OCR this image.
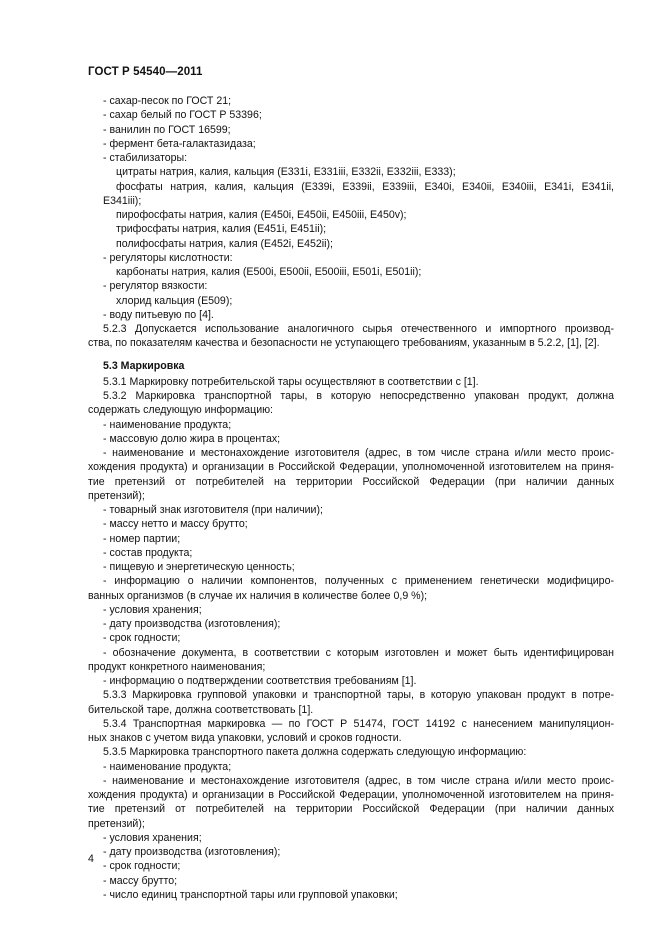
ГОСТ Р 54540—2011
- сахар-песок по ГОСТ 21;
- сахар белый по ГОСТ Р 53396;
- ванилин по ГОСТ 16599;
- фермент бета-галактазидаза;
- стабилизаторы:
цитраты натрия, калия, кальция (E331i, E331iii, E332ii, E332iii, E333);
фосфаты натрия, калия, кальция (E339i, E339ii, E339iii, E340i, E340ii, E340iii, E341i, E341ii,
E341iii);
пирофосфаты натрия, калия (E450i, E450ii, E450iii, E450v);
трифосфаты натрия, калия (E451i, E451ii);
полифосфаты натрия, калия (E452i, E452ii);
- регуляторы кислотности:
карбонаты натрия, калия (E500i, E500ii, E500iii, E501i, E501ii);
- регулятор вязкости:
хлорид кальция (E509);
- воду питьевую по [4].
5.2.3 Допускается использование аналогичного сырья отечественного и импортного производ-
ства, по показателям качества и безопасности не уступающего требованиям, указанным в 5.2.2, [1], [2].
5.3 Маркировка
5.3.1 Маркировку потребительской тары осуществляют в соответствии с [1].
5.3.2 Маркировка транспортной тары, в которую непосредственно упакован продукт, должна
содержать следующую информацию:
- наименование продукта;
- массовую долю жира в процентах;
- наименование и местонахождение изготовителя (адрес, в том числе страна и/или место проис-
хождения продукта) и организации в Российской Федерации, уполномоченной изготовителем на приня-
тие претензий от потребителей на территории Российской Федерации (при наличии данных
претензий);
- товарный знак изготовителя (при наличии);
- массу нетто и массу брутто;
- номер партии;
- состав продукта;
- пищевую и энергетическую ценность;
- информацию о наличии компонентов, полученных с применением генетически модифициро-
ванных организмов (в случае их наличия в количестве более 0,9 %);
- условия хранения;
- дату производства (изготовления);
- срок годности;
- обозначение документа, в соответствии с которым изготовлен и может быть идентифицирован
продукт конкретного наименования;
- информацию о подтверждении соответствия требованиям [1].
5.3.3 Маркировка групповой упаковки и транспортной тары, в которую упакован продукт в потре-
бительской таре, должна соответствовать [1].
5.3.4 Транспортная маркировка — по ГОСТ Р 51474, ГОСТ 14192 с нанесением манипуляцион-
ных знаков с учетом вида упаковки, условий и сроков годности.
5.3.5 Маркировка транспортного пакета должна содержать следующую информацию:
- наименование продукта;
- наименование и местонахождение изготовителя (адрес, в том числе страна и/или место проис-
хождения продукта) и организации в Российской Федерации, уполномоченной изготовителем на приня-
тие претензий от потребителей на территории Российской Федерации (при наличии данных
претензий);
- условия хранения;
- дату производства (изготовления);
- срок годности;
- массу брутто;
- число единиц транспортной тары или групповой упаковки;
4
